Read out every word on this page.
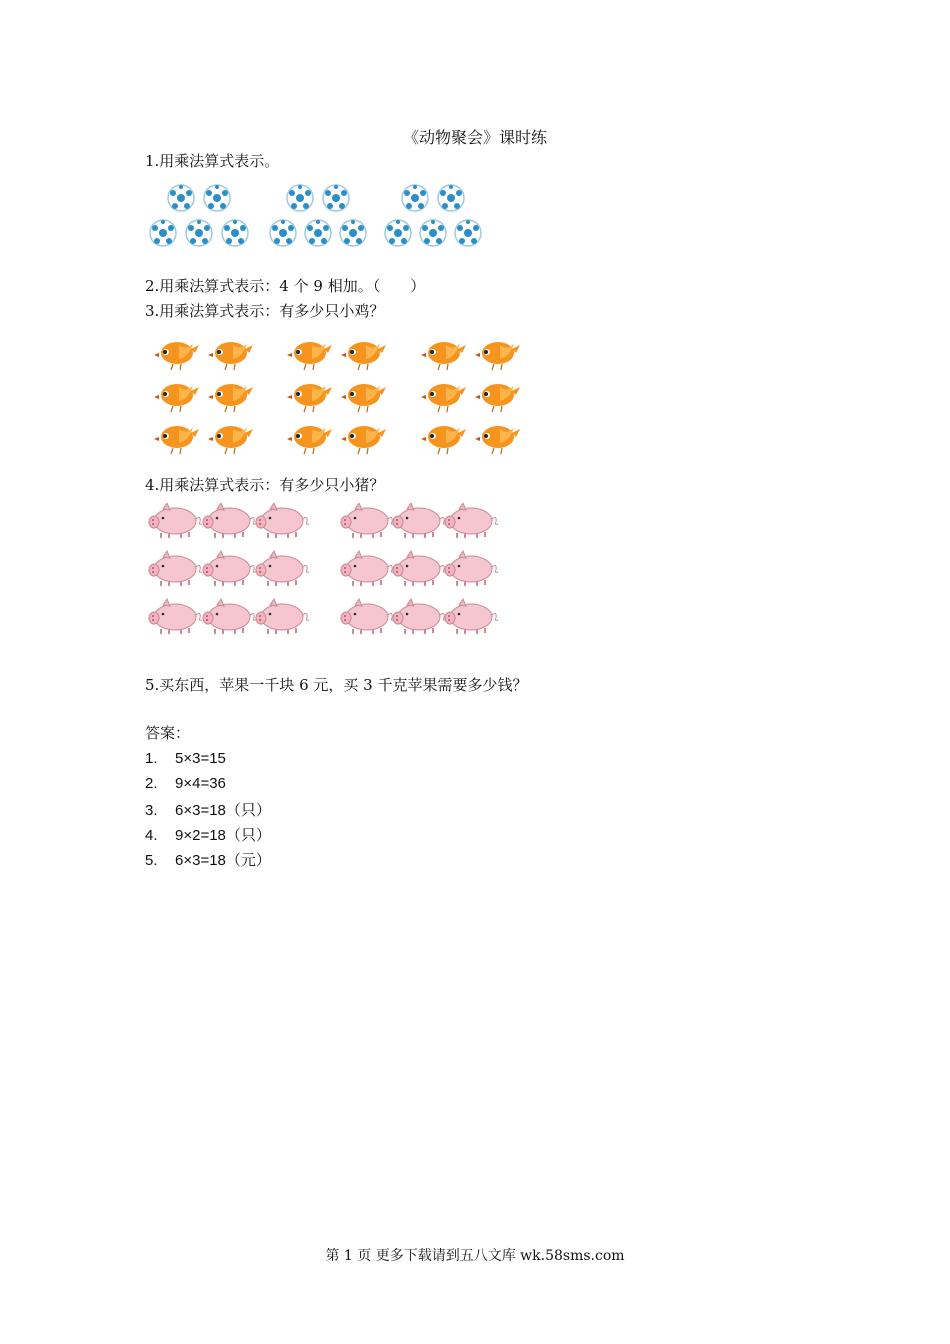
《动物聚会》课时练
1.用乘法算式表示。
2.用乘法算式表示：4 个 9 相加。（　　）
3.用乘法算式表示：有多少只小鸡？
4.用乘法算式表示：有多少只小猪？
5.买东西，苹果一千块 6 元，买 3 千克苹果需要多少钱？
答案：
1. 5×3=15
2. 9×4=36
3. 6×3=18（只）
4. 9×2=18（只）
5. 6×3=18（元）
第 1 页 更多下载请到五八文库 wk.58sms.com
